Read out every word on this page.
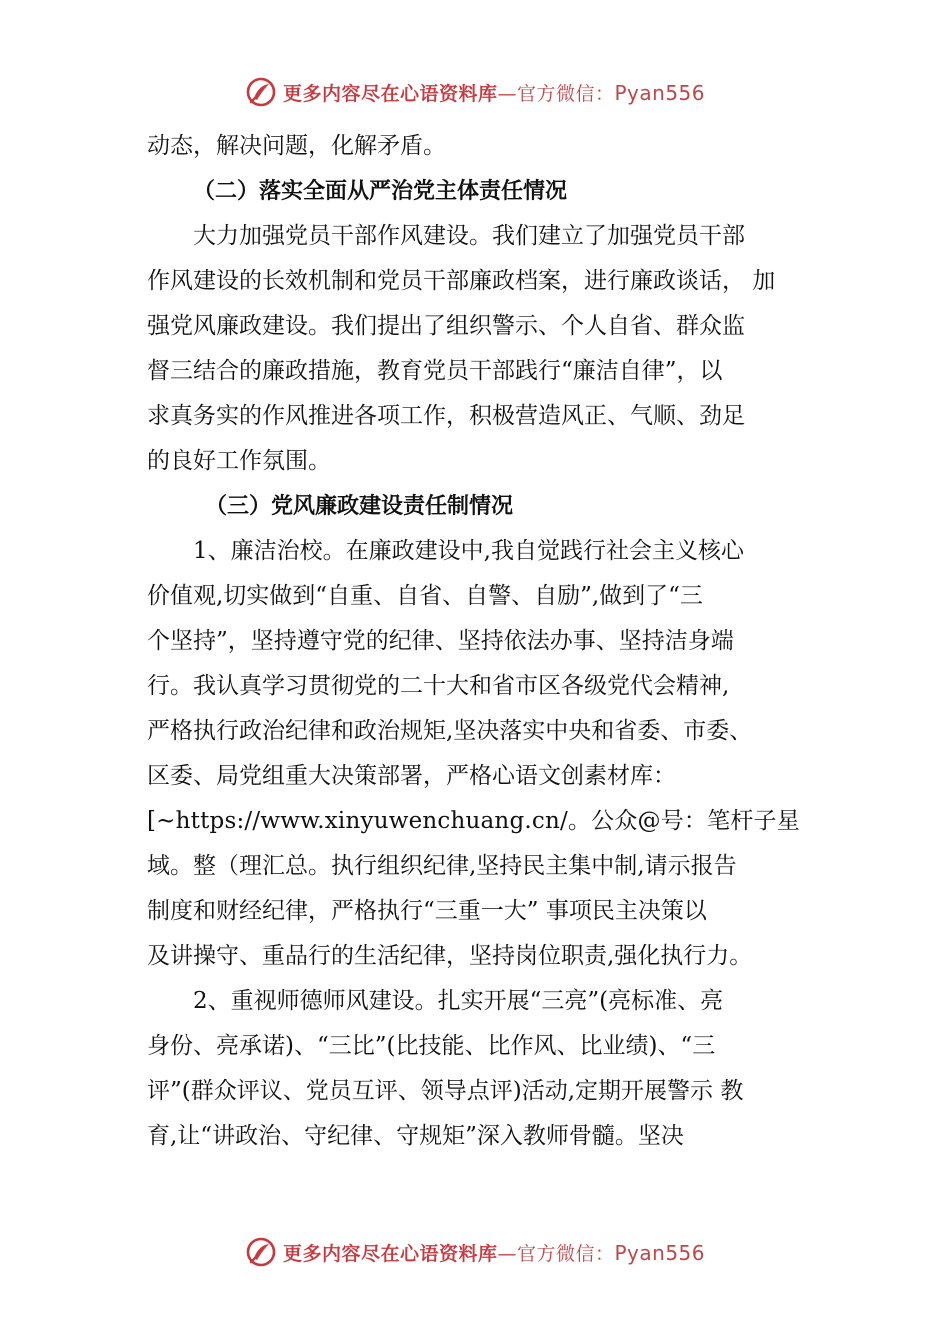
更多内容尽在心语资料库—官方微信：Pyan556
动态，解决问题，化解矛盾。
（二）落实全面从严治党主体责任情况
大力加强党员干部作风建设。我们建立了加强党员干部
作风建设的长效机制和党员干部廉政档案，进行廉政谈话， 加
强党风廉政建设。我们提出了组织警示、个人自省、群众监
督三结合的廉政措施，教育党员干部践行“廉洁自律”，以
求真务实的作风推进各项工作，积极营造风正、气顺、劲足
的良好工作氛围。
（三）党风廉政建设责任制情况
1、廉洁治校。在廉政建设中,我自觉践行社会主义核心
价值观,切实做到“自重、自省、自警、自励”,做到了“三
个坚持”，坚持遵守党的纪律、坚持依法办事、坚持洁身端
行。我认真学习贯彻党的二十大和省市区各级党代会精神,
严格执行政治纪律和政治规矩,坚决落实中央和省委、市委、
区委、局党组重大决策部署，严格心语文创素材库：
[~https://www.xinyuwenchuang.cn/。公众@号：笔杆子星
域。整（理汇总。执行组织纪律,坚持民主集中制,请示报告
制度和财经纪律，严格执行“三重一大” 事项民主决策以
及讲操守、重品行的生活纪律，坚持岗位职责,强化执行力。
2、重视师德师风建设。扎实开展“三亮”(亮标准、亮
身份、亮承诺)、“三比”(比技能、比作风、比业绩)、“三
评”(群众评议、党员互评、领导点评)活动,定期开展警示 教
育,让“讲政治、守纪律、守规矩”深入教师骨髓。坚决
更多内容尽在心语资料库—官方微信：Pyan556
